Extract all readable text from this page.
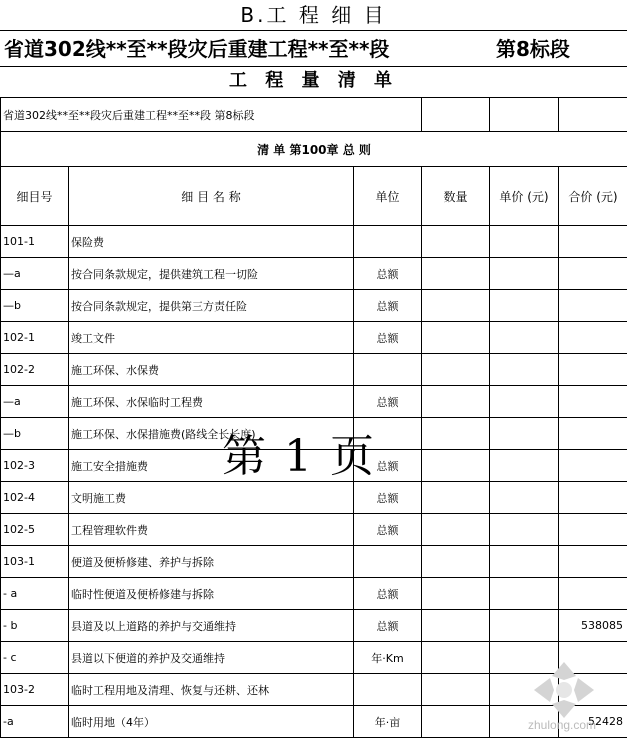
B.工 程 细 目
省道302线**至**段灾后重建工程**至**段	第8标段
工 程 量 清 单
省道302线**至**段灾后重建工程**至**段 第8标段					
清 单 第100章 总 则					
细目号	细 目 名 称	单位	数量	单价 (元)	合价 (元)
101-1	保险费				
—a	按合同条款规定，提供建筑工程一切险	总额			
—b	按合同条款规定，提供第三方责任险	总额			
102-1	竣工文件	总额			
102-2	施工环保、水保费				
—a	施工环保、水保临时工程费	总额			
—b	施工环保、水保措施费(路线全长长度)				
102-3	施工安全措施费	总额			
102-4	文明施工费	总额			
102-5	工程管理软件费	总额			
103-1	便道及便桥修建、养护与拆除				
- a	临时性便道及便桥修建与拆除	总额			
- b	县道及以上道路的养护与交通维持	总额			538085
- c	县道以下便道的养护及交通维持	年·Km			
103-2	临时工程用地及清理、恢复与还耕、还林				
-a	临时用地（4年）	年·亩			52428
第 1 页
zhulong.com
